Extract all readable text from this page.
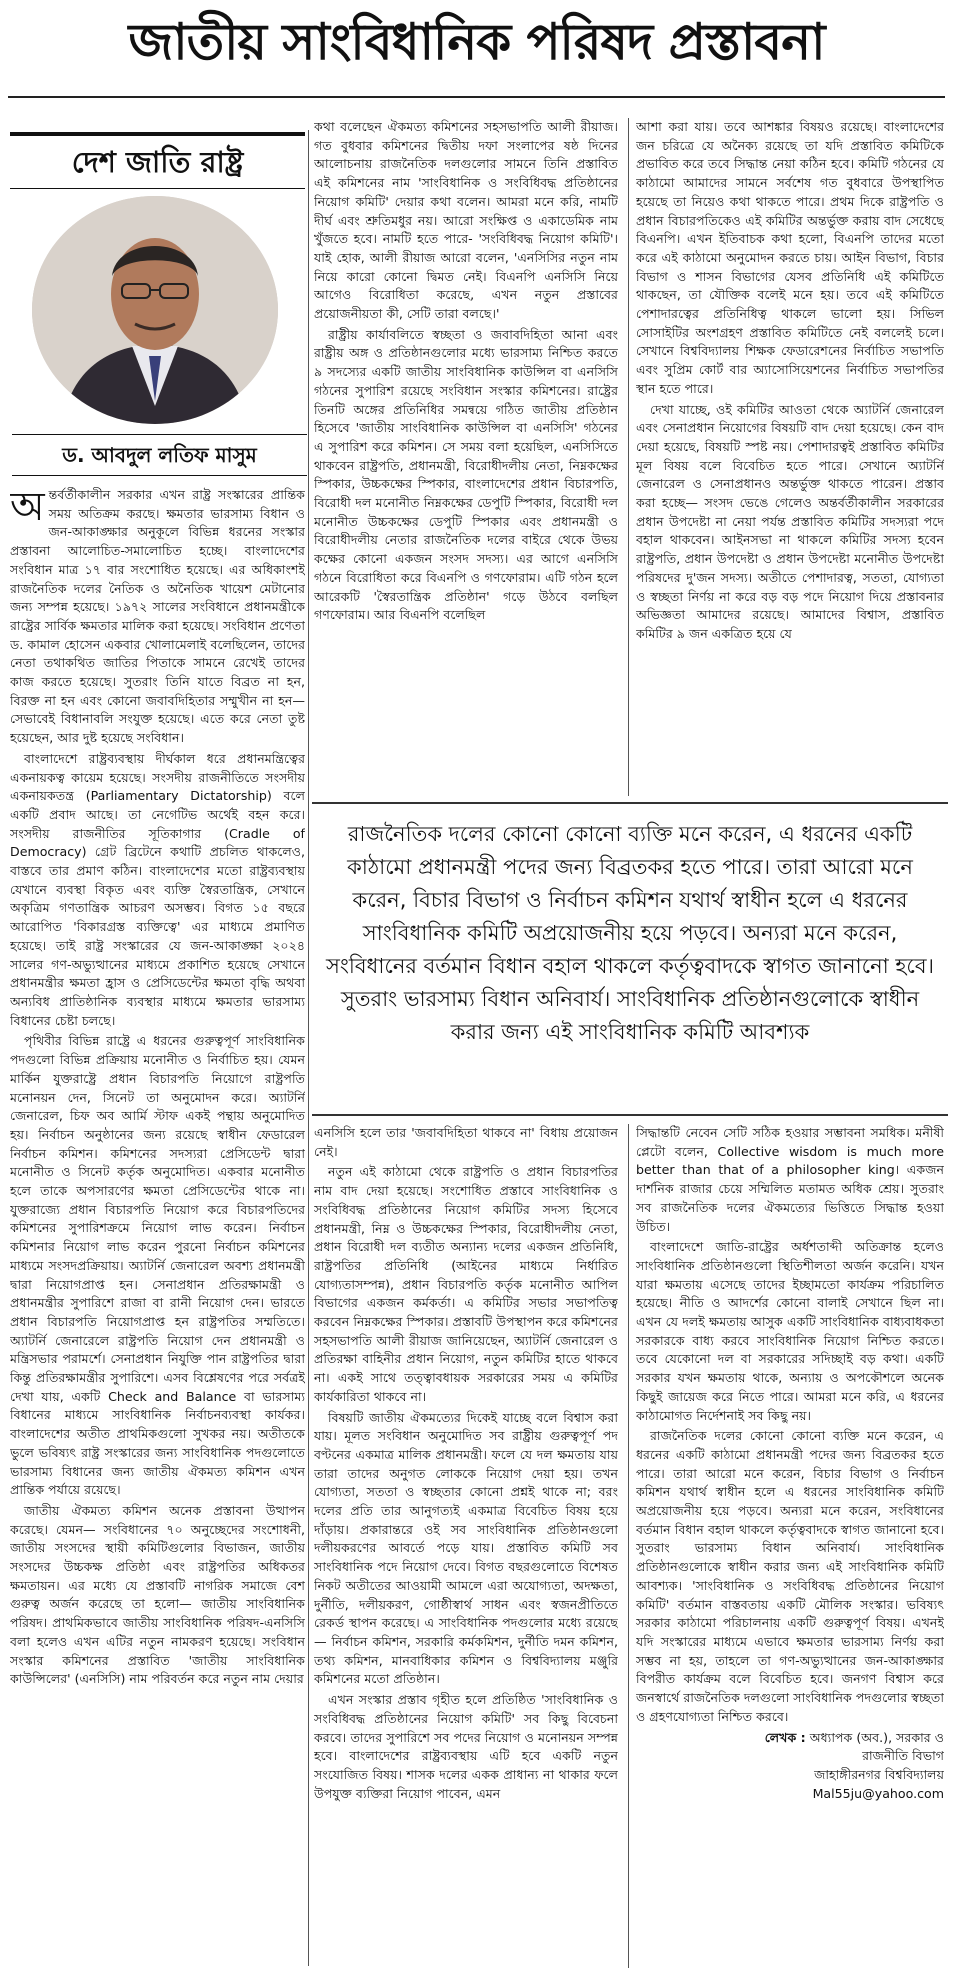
জাতীয় সাংবিধানিক পরিষদ প্রস্তাবনা
দেশ জাতি রাষ্ট্র
ড. আবদুল লতিফ মাসুম

অন্তর্বর্তীকালীন সরকার এখন রাষ্ট্র সংস্কারের প্রান্তিক সময় অতিক্রম করছে। ক্ষমতার ভারসাম্য বিধান ও জন-আকাঙ্ক্ষার অনুকূলে বিভিন্ন ধরনের সংস্কার প্রস্তাবনা আলোচিত-সমালোচিত হচ্ছে। বাংলাদেশের সংবিধান মাত্র ১৭ বার সংশোধিত হয়েছে। এর অধিকাংশই রাজনৈতিক দলের নৈতিক ও অনৈতিক খায়েশ মেটানোর জন্য সম্পন্ন হয়েছে। ১৯৭২ সালের সংবিধানে প্রধানমন্ত্রীকে রাষ্ট্রের সার্বিক ক্ষমতার মালিক করা হয়েছে। সংবিধান প্রণেতা ড. কামাল হোসেন একবার খোলামেলাই বলেছিলেন, তাদের নেতা তথাকথিত জাতির পিতাকে সামনে রেখেই তাদের কাজ করতে হয়েছে। সুতরাং তিনি যাতে বিব্রত না হন, বিরক্ত না হন এবং কোনো জবাবদিহিতার সম্মুখীন না হন—সেভাবেই বিধানাবলি সংযুক্ত হয়েছে। এতে করে নেতা তুষ্ট হয়েছেন, আর দুষ্ট হয়েছে সংবিধান।

বাংলাদেশে রাষ্ট্রব্যবস্থায় দীর্ঘকাল ধরে প্রধানমন্ত্রিত্বের একনায়কত্ব কায়েম হয়েছে। সংসদীয় রাজনীতিতে সংসদীয় একনায়কতন্ত্র (Parliamentary Dictatorship) বলে একটি প্রবাদ আছে। তা নেগেটিভ অর্থেই বহন করে। সংসদীয় রাজনীতির সূতিকাগার (Cradle of Democracy) গ্রেট ব্রিটেনে কথাটি প্রচলিত থাকলেও, বাস্তবে তার প্রমাণ কঠিন। বাংলাদেশের মতো রাষ্ট্রব্যবস্থায় যেখানে ব্যবস্থা বিকৃত এবং ব্যক্তি স্বৈরতান্ত্রিক, সেখানে অকৃত্রিম গণতান্ত্রিক আচরণ অসম্ভব। বিগত ১৫ বছরে আরোপিত 'বিকারগ্রস্ত ব্যক্তিত্বে' এর মাধ্যমে প্রমাণিত হয়েছে। তাই রাষ্ট্র সংস্কারের যে জন-আকাঙ্ক্ষা ২০২৪ সালের গণ-অভ্যুত্থানের মাধ্যমে প্রকাশিত হয়েছে সেখানে প্রধানমন্ত্রীর ক্ষমতা হ্রাস ও প্রেসিডেন্টের ক্ষমতা বৃদ্ধি অথবা অন্যবিধ প্রাতিষ্ঠানিক ব্যবস্থার মাধ্যমে ক্ষমতার ভারসাম্য বিধানের চেষ্টা চলছে।

পৃথিবীর বিভিন্ন রাষ্ট্রে এ ধরনের গুরুত্বপূর্ণ সাংবিধানিক পদগুলো বিভিন্ন প্রক্রিয়ায় মনোনীত ও নির্বাচিত হয়। যেমন মার্কিন যুক্তরাষ্ট্রে প্রধান বিচারপতি নিয়োগে রাষ্ট্রপতি মনোনয়ন দেন, সিনেট তা অনুমোদন করে। অ্যাটর্নি জেনারেল, চিফ অব আর্মি স্টাফ একই পন্থায় অনুমোদিত হয়। নির্বাচন অনুষ্ঠানের জন্য রয়েছে স্বাধীন ফেডারেল নির্বাচন কমিশন। কমিশনের সদস্যরা প্রেসিডেন্ট দ্বারা মনোনীত ও সিনেট কর্তৃক অনুমোদিত। একবার মনোনীত হলে তাকে অপসারণের ক্ষমতা প্রেসিডেন্টের থাকে না। যুক্তরাজ্যে প্রধান বিচারপতি নিয়োগ করে বিচারপতিদের কমিশনের সুপারিশক্রমে নিয়োগ লাভ করেন। নির্বাচন কমিশনার নিয়োগ লাভ করেন পুরনো নির্বাচন কমিশনের মাধ্যমে সংসদপ্রক্রিয়ায়। অ্যাটর্নি জেনারেল অবশ্য প্রধানমন্ত্রী দ্বারা নিয়োগপ্রাপ্ত হন। সেনাপ্রধান প্রতিরক্ষামন্ত্রী ও প্রধানমন্ত্রীর সুপারিশে রাজা বা রানী নিয়োগ দেন। ভারতে প্রধান বিচারপতি নিয়োগপ্রাপ্ত হন রাষ্ট্রপতির সম্মতিতে। অ্যাটর্নি জেনারেলে রাষ্ট্রপতি নিয়োগ দেন প্রধানমন্ত্রী ও মন্ত্রিসভার পরামর্শে। সেনাপ্রধান নিযুক্তি পান রাষ্ট্রপতির দ্বারা কিন্তু প্রতিরক্ষামন্ত্রীর সুপারিশে। এসব বিশ্লেষণের পরে সর্বত্রই দেখা যায়, একটি Check and Balance বা ভারসাম্য বিধানের মাধ্যমে সাংবিধানিক নির্বাচনব্যবস্থা কার্যকর। বাংলাদেশের অতীত প্রাথমিকগুলো সুখকর নয়। অতীতকে ভুলে ভবিষ্যৎ রাষ্ট্র সংস্কারের জন্য সাংবিধানিক পদগুলোতে ভারসাম্য বিধানের জন্য জাতীয় ঐকমত্য কমিশন এখন প্রান্তিক পর্যায়ে রয়েছে।

জাতীয় ঐকমত্য কমিশন অনেক প্রস্তাবনা উত্থাপন করেছে। যেমন— সংবিধানের ৭০ অনুচ্ছেদের সংশোধনী, জাতীয় সংসদের স্থায়ী কমিটিগুলোর বিভাজন, জাতীয় সংসদের উচ্চকক্ষ প্রতিষ্ঠা এবং রাষ্ট্রপতির অধিকতর ক্ষমতায়ন। এর মধ্যে যে প্রস্তাবটি নাগরিক সমাজে বেশ গুরুত্ব অর্জন করেছে তা হলো— জাতীয় সাংবিধানিক পরিষদ। প্রাথমিকভাবে জাতীয় সাংবিধানিক পরিষদ-এনসিসি বলা হলেও এখন এটির নতুন নামকরণ হয়েছে। সংবিধান সংস্কার কমিশনের প্রস্তাবিত 'জাতীয় সাংবিধানিক কাউন্সিলের' (এনসিসি) নাম পরিবর্তন করে নতুন নাম দেয়ার

কথা বলেছেন ঐকমত্য কমিশনের সহসভাপতি আলী রীয়াজ। গত বুধবার কমিশনের দ্বিতীয় দফা সংলাপের ষষ্ঠ দিনের আলোচনায় রাজনৈতিক দলগুলোর সামনে তিনি প্রস্তাবিত এই কমিশনের নাম 'সাংবিধানিক ও সংবিধিবদ্ধ প্রতিষ্ঠানের নিয়োগ কমিটি' দেয়ার কথা বলেন। আমরা মনে করি, নামটি দীর্ঘ এবং শ্রুতিমধুর নয়। আরো সংক্ষিপ্ত ও একাডেমিক নাম খুঁজতে হবে। নামটি হতে পারে- 'সংবিধিবদ্ধ নিয়োগ কমিটি'। যাই হোক, আলী রীয়াজ আরো বলেন, 'এনসিসির নতুন নাম নিয়ে কারো কোনো দ্বিমত নেই। বিএনপি এনসিসি নিয়ে আগেও বিরোধিতা করেছে, এখন নতুন প্রস্তাবের প্রয়োজনীয়তা কী, সেটি তারা বলছে।'

রাষ্ট্রীয় কার্যাবলিতে স্বচ্ছতা ও জবাবদিহিতা আনা এবং রাষ্ট্রীয় অঙ্গ ও প্রতিষ্ঠানগুলোর মধ্যে ভারসাম্য নিশ্চিত করতে ৯ সদস্যের একটি জাতীয় সাংবিধানিক কাউন্সিল বা এনসিসি গঠনের সুপারিশ রয়েছে সংবিধান সংস্কার কমিশনের। রাষ্ট্রের তিনটি অঙ্গের প্রতিনিধির সমন্বয়ে গঠিত জাতীয় প্রতিষ্ঠান হিসেবে 'জাতীয় সাংবিধানিক কাউন্সিল বা এনসিসি' গঠনের এ সুপারিশ করে কমিশন। সে সময় বলা হয়েছিল, এনসিসিতে থাকবেন রাষ্ট্রপতি, প্রধানমন্ত্রী, বিরোধীদলীয় নেতা, নিম্নকক্ষের স্পিকার, উচ্চকক্ষের স্পিকার, বাংলাদেশের প্রধান বিচারপতি, বিরোধী দল মনোনীত নিম্নকক্ষের ডেপুটি স্পিকার, বিরোধী দল মনোনীত উচ্চকক্ষের ডেপুটি স্পিকার এবং প্রধানমন্ত্রী ও বিরোধীদলীয় নেতার রাজনৈতিক দলের বাইরে থেকে উভয় কক্ষের কোনো একজন সংসদ সদস্য। এর আগে এনসিসি গঠনে বিরোধিতা করে বিএনপি ও গণফোরাম। এটি গঠন হলে আরেকটি 'স্বৈরতান্ত্রিক প্রতিষ্ঠান' গড়ে উঠবে বলছিল গণফোরাম। আর বিএনপি বলেছিল

আশা করা যায়। তবে আশঙ্কার বিষয়ও রয়েছে। বাংলাদেশের জন চরিত্রে যে অনৈক্য রয়েছে তা যদি প্রস্তাবিত কমিটিকে প্রভাবিত করে তবে সিদ্ধান্ত নেয়া কঠিন হবে। কমিটি গঠনের যে কাঠামো আমাদের সামনে সর্বশেষ গত বুধবারে উপস্থাপিত হয়েছে তা নিয়েও কথা থাকতে পারে। প্রথম দিকে রাষ্ট্রপতি ও প্রধান বিচারপতিকেও এই কমিটির অন্তর্ভুক্ত করায় বাদ সেধেছে বিএনপি। এখন ইতিবাচক কথা হলো, বিএনপি তাদের মতো করে এই কাঠামো অনুমোদন করতে চায়। আইন বিভাগ, বিচার বিভাগ ও শাসন বিভাগের যেসব প্রতিনিধি এই কমিটিতে থাকছেন, তা যৌক্তিক বলেই মনে হয়। তবে এই কমিটিতে পেশাদারত্বের প্রতিনিধিত্ব থাকলে ভালো হয়। সিভিল সোসাইটির অংশগ্রহণ প্রস্তাবিত কমিটিতে নেই বললেই চলে। সেখানে বিশ্ববিদ্যালয় শিক্ষক ফেডারেশনের নির্বাচিত সভাপতি এবং সুপ্রিম কোর্ট বার অ্যাসোসিয়েশনের নির্বাচিত সভাপতির স্থান হতে পারে।

দেখা যাচ্ছে, ওই কমিটির আওতা থেকে অ্যাটর্নি জেনারেল এবং সেনাপ্রধান নিয়োগের বিষয়টি বাদ দেয়া হয়েছে। কেন বাদ দেয়া হয়েছে, বিষয়টি স্পষ্ট নয়। পেশাদারত্বই প্রস্তাবিত কমিটির মূল বিষয় বলে বিবেচিত হতে পারে। সেখানে অ্যাটর্নি জেনারেল ও সেনাপ্রধানও অন্তর্ভুক্ত থাকতে পারেন। প্রস্তাব করা হচ্ছে— সংসদ ভেঙে গেলেও অন্তর্বর্তীকালীন সরকারের প্রধান উপদেষ্টা না নেয়া পর্যন্ত প্রস্তাবিত কমিটির সদস্যরা পদে বহাল থাকবেন। আইনসভা না থাকলে কমিটির সদস্য হবেন রাষ্ট্রপতি, প্রধান উপদেষ্টা ও প্রধান উপদেষ্টা মনোনীত উপদেষ্টা পরিষদের দু'জন সদস্য। অতীতে পেশাদারত্ব, সততা, যোগ্যতা ও স্বচ্ছতা নির্ণয় না করে বড় বড় পদে নিয়োগ দিয়ে প্রস্তাবনার অভিজ্ঞতা আমাদের রয়েছে। আমাদের বিশ্বাস, প্রস্তাবিত কমিটির ৯ জন একত্রিত হয়ে যে

রাজনৈতিক দলের কোনো কোনো ব্যক্তি মনে করেন, এ ধরনের একটি কাঠামো প্রধানমন্ত্রী পদের জন্য বিব্রতকর হতে পারে। তারা আরো মনে করেন, বিচার বিভাগ ও নির্বাচন কমিশন যথার্থ স্বাধীন হলে এ ধরনের সাংবিধানিক কমিটি অপ্রয়োজনীয় হয়ে পড়বে। অন্যরা মনে করেন, সংবিধানের বর্তমান বিধান বহাল থাকলে কর্তৃত্ববাদকে স্বাগত জানানো হবে। সুতরাং ভারসাম্য বিধান অনিবার্য। সাংবিধানিক প্রতিষ্ঠানগুলোকে স্বাধীন করার জন্য এই সাংবিধানিক কমিটি আবশ্যক

এনসিসি হলে তার 'জবাবদিহিতা থাকবে না' বিধায় প্রয়োজন নেই।

নতুন এই কাঠামো থেকে রাষ্ট্রপতি ও প্রধান বিচারপতির নাম বাদ দেয়া হয়েছে। সংশোধিত প্রস্তাবে সাংবিধানিক ও সংবিধিবদ্ধ প্রতিষ্ঠানের নিয়োগ কমিটির সদস্য হিসেবে প্রধানমন্ত্রী, নিম্ন ও উচ্চকক্ষের স্পিকার, বিরোধীদলীয় নেতা, প্রধান বিরোধী দল ব্যতীত অন্যান্য দলের একজন প্রতিনিধি, রাষ্ট্রপতির প্রতিনিধি (আইনের মাধ্যমে নির্ধারিত যোগ্যতাসম্পন্ন), প্রধান বিচারপতি কর্তৃক মনোনীত আপিল বিভাগের একজন কর্মকর্তা। এ কমিটির সভার সভাপতিত্ব করবেন নিম্নকক্ষের স্পিকার। প্রস্তাবটি উপস্থাপন করে কমিশনের সহসভাপতি আলী রীয়াজ জানিয়েছেন, অ্যাটর্নি জেনারেল ও প্রতিরক্ষা বাহিনীর প্রধান নিয়োগ, নতুন কমিটির হাতে থাকবে না। একই সাথে তত্ত্বাবধায়ক সরকারের সময় এ কমিটির কার্যকারিতা থাকবে না।

বিষয়টি জাতীয় ঐকমত্যের দিকেই যাচ্ছে বলে বিশ্বাস করা যায়। মূলত সংবিধান অনুমোদিত সব রাষ্ট্রীয় গুরুত্বপূর্ণ পদ বণ্টনের একমাত্র মালিক প্রধানমন্ত্রী। ফলে যে দল ক্ষমতায় যায় তারা তাদের অনুগত লোককে নিয়োগ দেয়া হয়। তখন যোগ্যতা, সততা ও স্বচ্ছতার কোনো প্রশ্নই থাকে না; বরং দলের প্রতি তার আনুগত্যই একমাত্র বিবেচিত বিষয় হয়ে দাঁড়ায়। প্রকারান্তরে ওই সব সাংবিধানিক প্রতিষ্ঠানগুলো দলীয়করণের আবর্তে পড়ে যায়। প্রস্তাবিত কমিটি সব সাংবিধানিক পদে নিয়োগ দেবে। বিগত বছরগুলোতে বিশেষত নিকট অতীতের আওয়ামী আমলে এরা অযোগ্যতা, অদক্ষতা, দুর্নীতি, দলীয়করণ, গোষ্ঠীস্বার্থ সাধন এবং স্বজনপ্রীতিতে রেকর্ড স্থাপন করেছে। এ সাংবিধানিক পদগুলোর মধ্যে রয়েছে— নির্বাচন কমিশন, সরকারি কর্মকমিশন, দুর্নীতি দমন কমিশন, তথ্য কমিশন, মানবাধিকার কমিশন ও বিশ্ববিদ্যালয় মঞ্জুরি কমিশনের মতো প্রতিষ্ঠান।

এখন সংস্কার প্রস্তাব গৃহীত হলে প্রতিষ্ঠিত 'সাংবিধানিক ও সংবিধিবদ্ধ প্রতিষ্ঠানের নিয়োগ কমিটি' সব কিছু বিবেচনা করবে। তাদের সুপারিশে সব পদের নিয়োগ ও মনোনয়ন সম্পন্ন হবে। বাংলাদেশের রাষ্ট্রব্যবস্থায় এটি হবে একটি নতুন সংযোজিত বিষয়। শাসক দলের একক প্রাধান্য না থাকার ফলে উপযুক্ত ব্যক্তিরা নিয়োগ পাবেন, এমন

সিদ্ধান্তটি নেবেন সেটি সঠিক হওয়ার সম্ভাবনা সমধিক। মনীষী প্লেটো বলেন, Collective wisdom is much more better than that of a philosopher king। একজন দার্শনিক রাজার চেয়ে সম্মিলিত মতামত অধিক শ্রেয়। সুতরাং সব রাজনৈতিক দলের ঐকমত্যের ভিত্তিতে সিদ্ধান্ত হওয়া উচিত।

বাংলাদেশে জাতি-রাষ্ট্রের অর্ধশতাব্দী অতিক্রান্ত হলেও সাংবিধানিক প্রতিষ্ঠানগুলো স্থিতিশীলতা অর্জন করেনি। যখন যারা ক্ষমতায় এসেছে তাদের ইচ্ছামতো কার্যক্রম পরিচালিত হয়েছে। নীতি ও আদর্শের কোনো বালাই সেখানে ছিল না। এখন যে দলই ক্ষমতায় আসুক একটি সাংবিধানিক বাধ্যবাধকতা সরকারকে বাধ্য করবে সাংবিধানিক নিয়োগ নিশ্চিত করতে। তবে যেকোনো দল বা সরকারের সদিচ্ছাই বড় কথা। একটি সরকার যখন ক্ষমতায় থাকে, অন্যায় ও অপকৌশলে অনেক কিছুই জায়েজ করে নিতে পারে। আমরা মনে করি, এ ধরনের কাঠামোগত নির্দেশনাই সব কিছু নয়।

রাজনৈতিক দলের কোনো কোনো ব্যক্তি মনে করেন, এ ধরনের একটি কাঠামো প্রধানমন্ত্রী পদের জন্য বিব্রতকর হতে পারে। তারা আরো মনে করেন, বিচার বিভাগ ও নির্বাচন কমিশন যথার্থ স্বাধীন হলে এ ধরনের সাংবিধানিক কমিটি অপ্রয়োজনীয় হয়ে পড়বে। অন্যরা মনে করেন, সংবিধানের বর্তমান বিধান বহাল থাকলে কর্তৃত্ববাদকে স্বাগত জানানো হবে। সুতরাং ভারসাম্য বিধান অনিবার্য। সাংবিধানিক প্রতিষ্ঠানগুলোকে স্বাধীন করার জন্য এই সাংবিধানিক কমিটি আবশ্যক। 'সাংবিধানিক ও সংবিধিবদ্ধ প্রতিষ্ঠানের নিয়োগ কমিটি' বর্তমান বাস্তবতায় একটি মৌলিক সংস্কার। ভবিষ্যৎ সরকার কাঠামো পরিচালনায় একটি গুরুত্বপূর্ণ বিষয়। এখনই যদি সংস্কারের মাধ্যমে এভাবে ক্ষমতার ভারসাম্য নির্ণয় করা সম্ভব না হয়, তাহলে তা গণ-অভ্যুত্থানের জন-আকাঙ্ক্ষার বিপরীত কার্যক্রম বলে বিবেচিত হবে। জনগণ বিশ্বাস করে জনস্বার্থে রাজনৈতিক দলগুলো সাংবিধানিক পদগুলোর স্বচ্ছতা ও গ্রহণযোগ্যতা নিশ্চিত করবে।

লেখক : অধ্যাপক (অব.), সরকার ও
রাজনীতি বিভাগ
জাহাঙ্গীরনগর বিশ্ববিদ্যালয়
Mal55ju@yahoo.com
